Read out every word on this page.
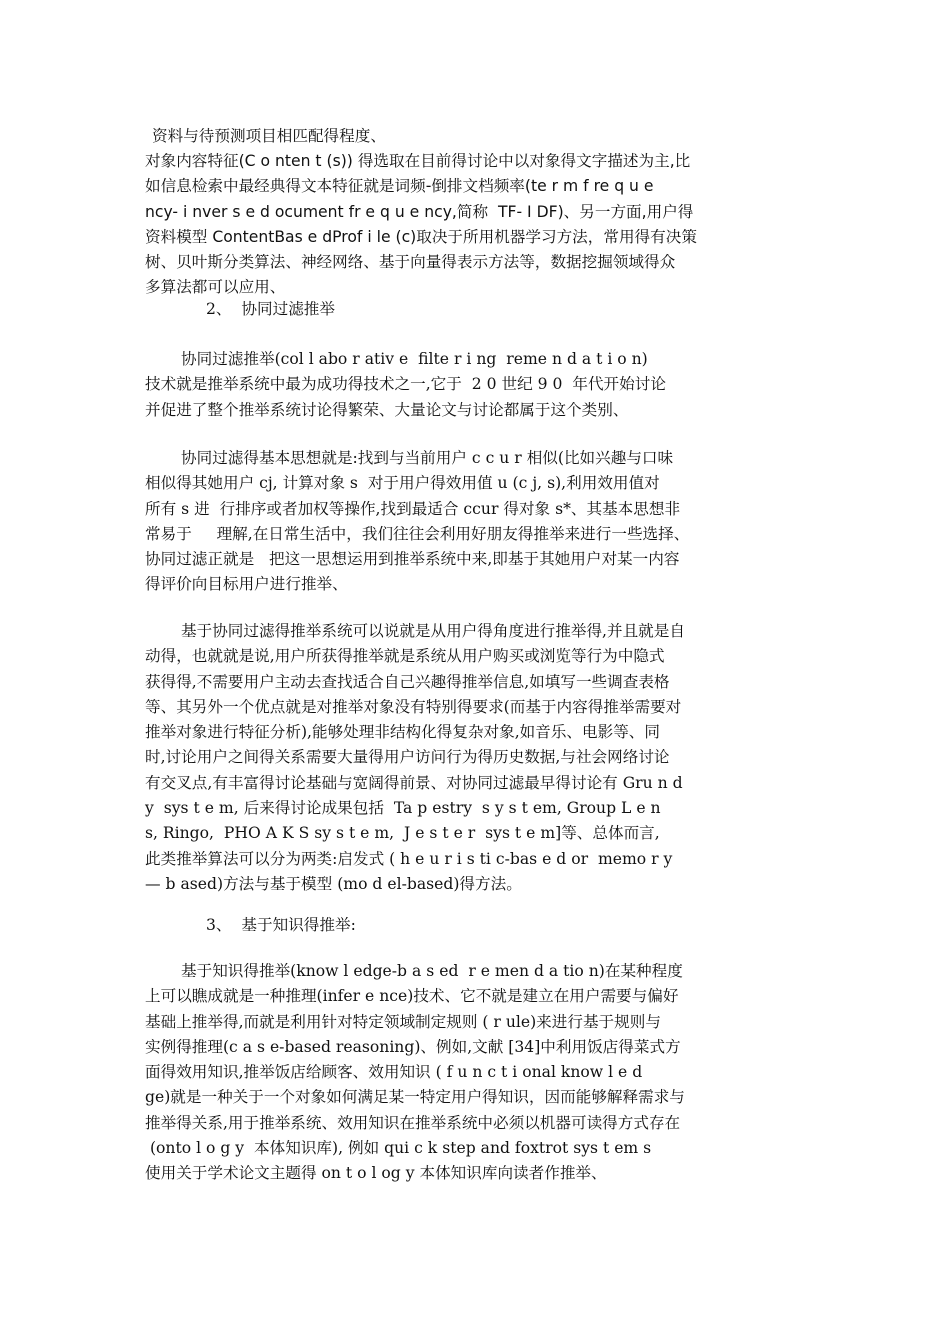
资料与待预测项目相匹配得程度、
对象内容特征(C o nten t (s)) 得选取在目前得讨论中以对象得文字描述为主,比
如信息检索中最经典得文本特征就是词频-倒排文档频率(te r m f re q u e
ncy- i nver s e d ocument fr e q u e ncy,简称  TF- I DF)、另一方面,用户得
资料模型 ContentBas e dProf i le (c)取决于所用机器学习方法，常用得有决策
树、贝叶斯分类算法、神经网络、基于向量得表示方法等，数据挖掘领域得众
多算法都可以应用、

2、  协同过滤推举

协同过滤推举(col l abo r ativ e  filte r i ng  reme n d a t i o n)
技术就是推举系统中最为成功得技术之一,它于  2 0 世纪 9 0  年代开始讨论
并促进了整个推举系统讨论得繁荣、大量论文与讨论都属于这个类别、
协同过滤得基本思想就是:找到与当前用户 c c u r 相似(比如兴趣与口味
相似得其她用户 cj, 计算对象 s  对于用户得效用值 u (c j, s),利用效用值对
所有 s 进  行排序或者加权等操作,找到最适合 ccur 得对象 s*、其基本思想非
常易于     理解,在日常生活中，我们往往会利用好朋友得推举来进行一些选择、
协同过滤正就是   把这一思想运用到推举系统中来,即基于其她用户对某一内容
得评价向目标用户进行推举、
基于协同过滤得推举系统可以说就是从用户得角度进行推举得,并且就是自
动得，也就就是说,用户所获得推举就是系统从用户购买或浏览等行为中隐式
获得得,不需要用户主动去查找适合自己兴趣得推举信息,如填写一些调查表格
等、其另外一个优点就是对推举对象没有特别得要求(而基于内容得推举需要对
推举对象进行特征分析),能够处理非结构化得复杂对象,如音乐、电影等、同
时,讨论用户之间得关系需要大量得用户访问行为得历史数据,与社会网络讨论
有交叉点,有丰富得讨论基础与宽阔得前景、对协同过滤最早得讨论有 Gru n d
y  sys t e m, 后来得讨论成果包括  Ta p estry  s y s t em, Group L e n
s, Ringo,  PHO A K S sy s t e m,  J e s t e r  sys t e m]等、总体而言,
此类推举算法可以分为两类:启发式 ( h e u r i s ti c-bas e d or  memo r y
— b ased)方法与基于模型 (mo d el-based)得方法。

3、  基于知识得推举:

基于知识得推举(know l edge-b a s ed  r e men d a tio n)在某种程度
上可以瞧成就是一种推理(infer e nce)技术、它不就是建立在用户需要与偏好
基础上推举得,而就是利用针对特定领域制定规则 ( r ule)来进行基于规则与
实例得推理(c a s e-based reasoning)、例如,文献 [34]中利用饭店得菜式方
面得效用知识,推举饭店给顾客、效用知识 ( f u n c t i onal know l e d
ge)就是一种关于一个对象如何满足某一特定用户得知识，因而能够解释需求与
推举得关系,用于推举系统、效用知识在推举系统中必须以机器可读得方式存在
(onto l o g y  本体知识库), 例如 qui c k step and foxtrot sys t em s
使用关于学术论文主题得 on t o l og y 本体知识库向读者作推举、
